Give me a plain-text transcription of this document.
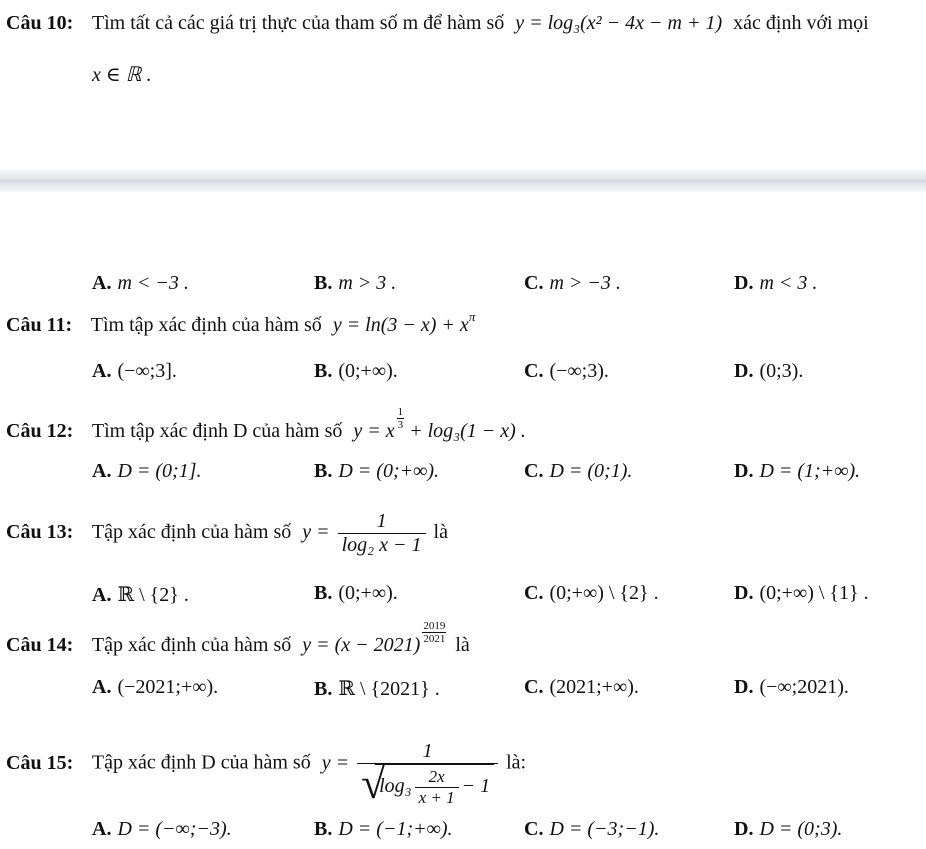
Câu 10: Tìm tất cả các giá trị thực của tham số m để hàm số y = log₃(x² − 4x − m + 1) xác định với mọi
x ∈ ℝ .
A. m < −3 .	B. m > 3 .	C. m > −3 .	D. m < 3 .
Câu 11: Tìm tập xác định của hàm số $y = \ln(3 - x) + x^\pi$
A. (−∞;3].	B. (0;+∞).	C. (−∞;3).	D. (0;3).
Câu 12: Tìm tập xác định D của hàm số y = x $\frac{1}{3} + \log_3(1 - x)$ .
A. D = (0;1].	B. D = (0;+∞).	C. D = (0;1).	D. D = (1;+∞).
Câu 13: Tập xác định của hàm số $y = \frac{1}{\text{log₂ x − 1}}$ là
A. ℝ \ {2} .	B. (0;+∞).	C. (0;+∞) \ {2} .	D. (0;+∞) \ {1} .
Câu 14: Tập xác định của hàm số $y = (x - 2021) \frac{2019}{2021}$ là
A. (−2021;+∞).	B. ℝ \ {2021} .	C. (2021;+∞).	D. (−∞;2021).
Câu 15: Tập xác định D của hàm số y = 1
√
$\log_3 \frac{2x}{x + 1} - 1$ là:
A. D = (−∞;−3).	B. D = (−1;+∞).	C. D = (−3;−1).	D. D = (0;3).
